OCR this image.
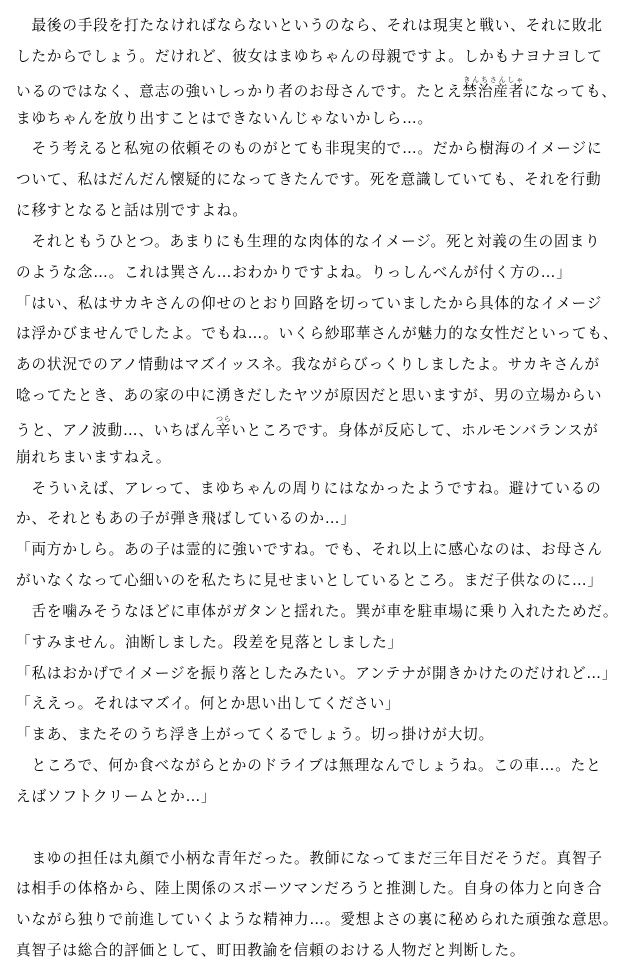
　最後の手段を打たなければならないというのなら、それは現実と戦い、それに敗北
したからでしょう。だけれど、彼女はまゆちゃんの母親ですよ。しかもナヨナヨして
いるのではなく、意志の強いしっかり者のお母さんです。たとえ禁治産者きんちさんしゃになっても、
まゆちゃんを放り出すことはできないんじゃないかしら…。
　そう考えると私宛の依頼そのものがとても非現実的で…。だから樹海のイメージに
ついて、私はだんだん懐疑的になってきたんです。死を意識していても、それを行動
に移すとなると話は別ですよね。
　それともうひとつ。あまりにも生理的な肉体的なイメージ。死と対義の生の固まり
のような念…。これは巽さん…おわかりですよね。りっしんべんが付く方の…」
「はい、私はサカキさんの仰せのとおり回路を切っていましたから具体的なイメージ
は浮かびませんでしたよ。でもね…。いくら紗耶華さんが魅力的な女性だといっても、
あの状況でのアノ情動はマズイッスネ。我ながらびっくりしましたよ。サカキさんが
唸ってたとき、あの家の中に湧きだしたヤツが原因だと思いますが、男の立場からい
うと、アノ波動…、いちばん辛つらいところです。身体が反応して、ホルモンバランスが
崩れちまいますねえ。
　そういえば、アレって、まゆちゃんの周りにはなかったようですね。避けているの
か、それともあの子が弾き飛ばしているのか…」
「両方かしら。あの子は霊的に強いですね。でも、それ以上に感心なのは、お母さん
がいなくなって心細いのを私たちに見せまいとしているところ。まだ子供なのに…」
　舌を噛みそうなほどに車体がガタンと揺れた。巽が車を駐車場に乗り入れたためだ。
「すみません。油断しました。段差を見落としました」
「私はおかげでイメージを振り落としたみたい。アンテナが開きかけたのだけれど…」
「ええっ。それはマズイ。何とか思い出してください」
「まあ、またそのうち浮き上がってくるでしょう。切っ掛けが大切。
　ところで、何か食べながらとかのドライブは無理なんでしょうね。この車…。たと
えばソフトクリームとか…」
　まゆの担任は丸顔で小柄な青年だった。教師になってまだ三年目だそうだ。真智子
は相手の体格から、陸上関係のスポーツマンだろうと推測した。自身の体力と向き合
いながら独りで前進していくような精神力…。愛想よさの裏に秘められた頑強な意思。
真智子は総合的評価として、町田教諭を信頼のおける人物だと判断した。
